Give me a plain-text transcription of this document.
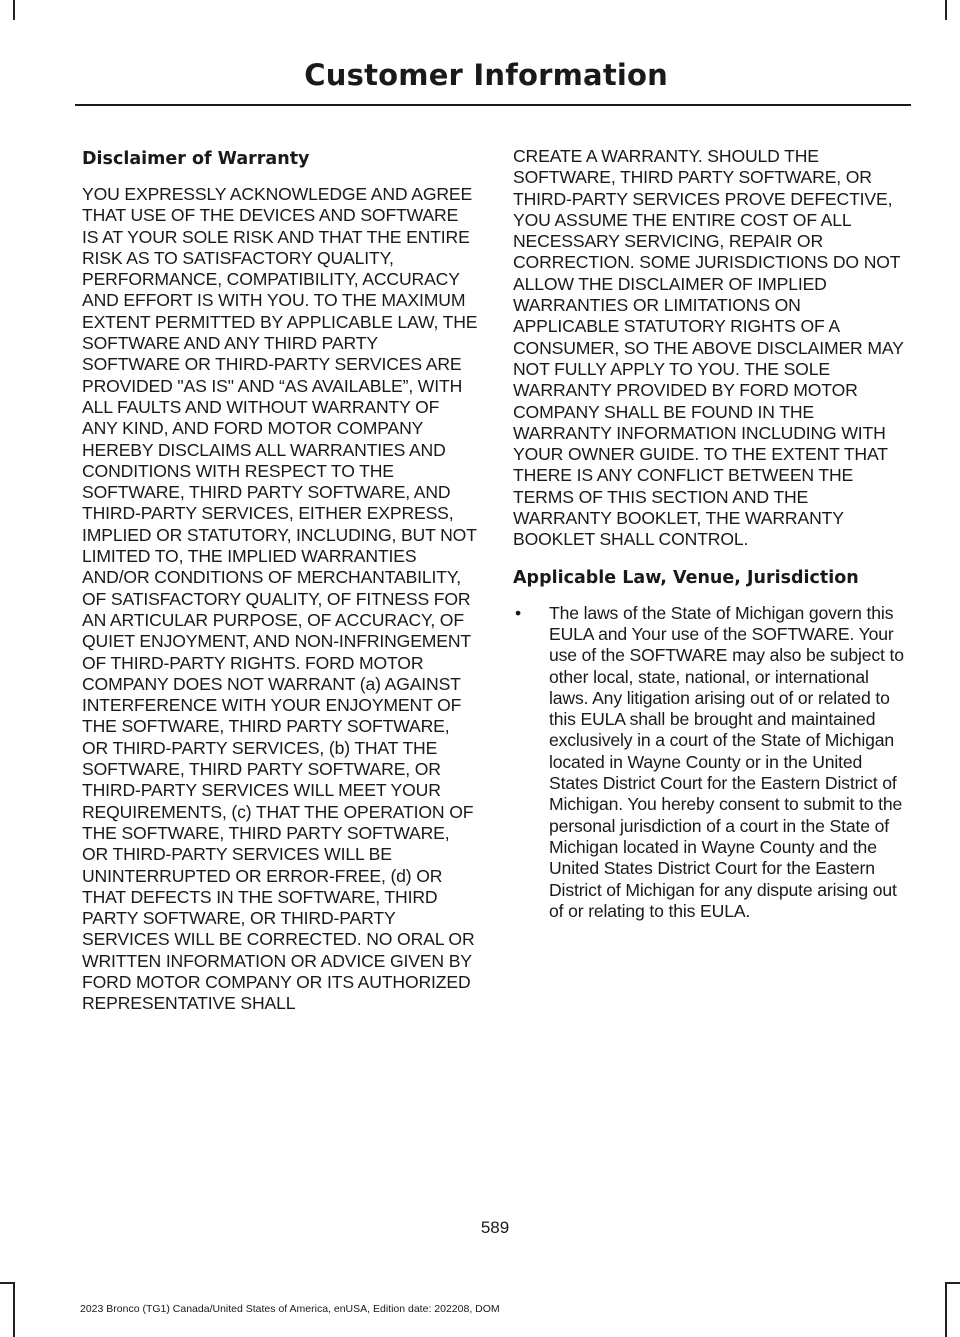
Customer Information
Disclaimer of Warranty

YOU EXPRESSLY ACKNOWLEDGE AND AGREE THAT USE OF THE DEVICES AND SOFTWARE IS AT YOUR SOLE RISK AND THAT THE ENTIRE RISK AS TO SATISFACTORY QUALITY, PERFORMANCE, COMPATIBILITY, ACCURACY AND EFFORT IS WITH YOU. TO THE MAXIMUM EXTENT PERMITTED BY APPLICABLE LAW, THE SOFTWARE AND ANY THIRD PARTY SOFTWARE OR THIRD-PARTY SERVICES ARE PROVIDED "AS IS" AND “AS AVAILABLE”, WITH ALL FAULTS AND WITHOUT WARRANTY OF ANY KIND, AND FORD MOTOR COMPANY HEREBY DISCLAIMS ALL WARRANTIES AND CONDITIONS WITH RESPECT TO THE SOFTWARE, THIRD PARTY SOFTWARE, AND THIRD-PARTY SERVICES, EITHER EXPRESS, IMPLIED OR STATUTORY, INCLUDING, BUT NOT LIMITED TO, THE IMPLIED WARRANTIES AND/OR CONDITIONS OF MERCHANTABILITY, OF SATISFACTORY QUALITY, OF FITNESS FOR AN ARTICULAR PURPOSE, OF ACCURACY, OF QUIET ENJOYMENT, AND NON-INFRINGEMENT OF THIRD-PARTY RIGHTS. FORD MOTOR COMPANY DOES NOT WARRANT (a) AGAINST INTERFERENCE WITH YOUR ENJOYMENT OF THE SOFTWARE, THIRD PARTY SOFTWARE, OR THIRD-PARTY SERVICES, (b) THAT THE SOFTWARE, THIRD PARTY SOFTWARE, OR THIRD-PARTY SERVICES WILL MEET YOUR REQUIREMENTS, (c) THAT THE OPERATION OF THE SOFTWARE, THIRD PARTY SOFTWARE, OR THIRD-PARTY SERVICES WILL BE UNINTERRUPTED OR ERROR-FREE, (d) OR THAT DEFECTS IN THE SOFTWARE, THIRD PARTY SOFTWARE, OR THIRD-PARTY SERVICES WILL BE CORRECTED. NO ORAL OR WRITTEN INFORMATION OR ADVICE GIVEN BY FORD MOTOR COMPANY OR ITS AUTHORIZED REPRESENTATIVE SHALL

CREATE A WARRANTY. SHOULD THE SOFTWARE, THIRD PARTY SOFTWARE, OR THIRD-PARTY SERVICES PROVE DEFECTIVE, YOU ASSUME THE ENTIRE COST OF ALL NECESSARY SERVICING, REPAIR OR CORRECTION. SOME JURISDICTIONS DO NOT ALLOW THE DISCLAIMER OF IMPLIED WARRANTIES OR LIMITATIONS ON APPLICABLE STATUTORY RIGHTS OF A CONSUMER, SO THE ABOVE DISCLAIMER MAY NOT FULLY APPLY TO YOU. THE SOLE WARRANTY PROVIDED BY FORD MOTOR COMPANY SHALL BE FOUND IN THE WARRANTY INFORMATION INCLUDING WITH YOUR OWNER GUIDE. TO THE EXTENT THAT THERE IS ANY CONFLICT BETWEEN THE TERMS OF THIS SECTION AND THE WARRANTY BOOKLET, THE WARRANTY BOOKLET SHALL CONTROL.

Applicable Law, Venue, Jurisdiction
• The laws of the State of Michigan govern this EULA and Your use of the SOFTWARE. Your use of the SOFTWARE may also be subject to other local, state, national, or international laws. Any litigation arising out of or related to this EULA shall be brought and maintained exclusively in a court of the State of Michigan located in Wayne County or in the United States District Court for the Eastern District of Michigan. You hereby consent to submit to the personal jurisdiction of a court in the State of Michigan located in Wayne County and the United States District Court for the Eastern District of Michigan for any dispute arising out of or relating to this EULA.
589
2023 Bronco (TG1) Canada/United States of America, enUSA, Edition date: 202208, DOM
